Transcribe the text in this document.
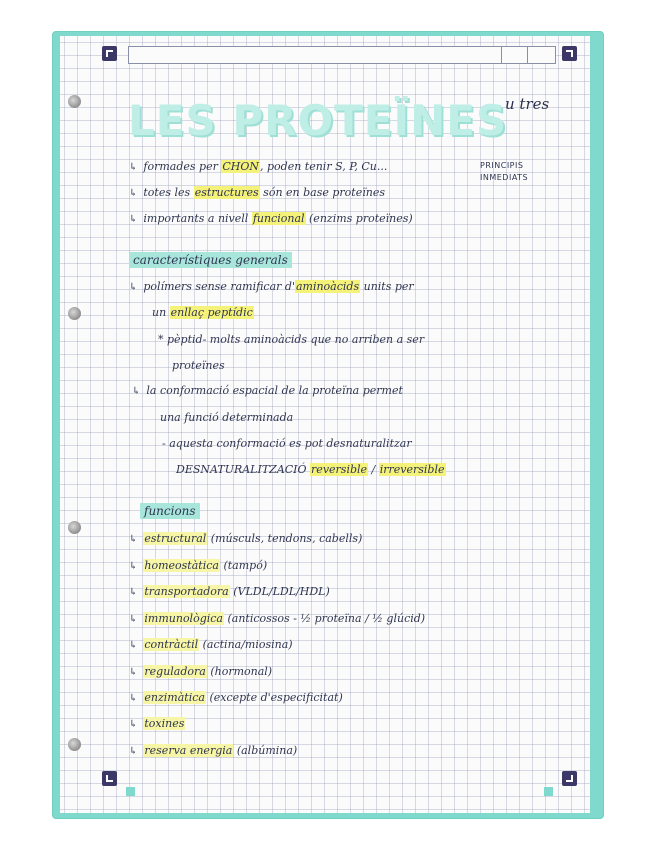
LES PROTEÏNES
u tres
PRINCIPIS
INMEDIATS
↳ formades per CHON, poden tenir S, P, Cu...
↳ totes les estructures són en base proteïnes
↳ importants a nivell funcional (enzims proteïnes)
característiques generals
↳ polímers sense ramificar d'aminoàcids units per
un enllaç peptídic
* pèptid- molts aminoàcids que no arriben a ser
proteïnes
↳ la conformació espacial de la proteïna permet
una funció determinada
- aquesta conformació es pot desnaturalitzar
DESNATURALITZACIÓ reversible / irreversible
funcions
↳ estructural (músculs, tendons, cabells)
↳ homeostàtica (tampó)
↳ transportadora (VLDL/LDL/HDL)
↳ immunològica (anticossos - ½ proteïna / ½ glúcid)
↳ contràctil (actina/miosina)
↳ reguladora (hormonal)
↳ enzimàtica (excepte d'especificitat)
↳ toxines
↳ reserva energia (albúmina)
